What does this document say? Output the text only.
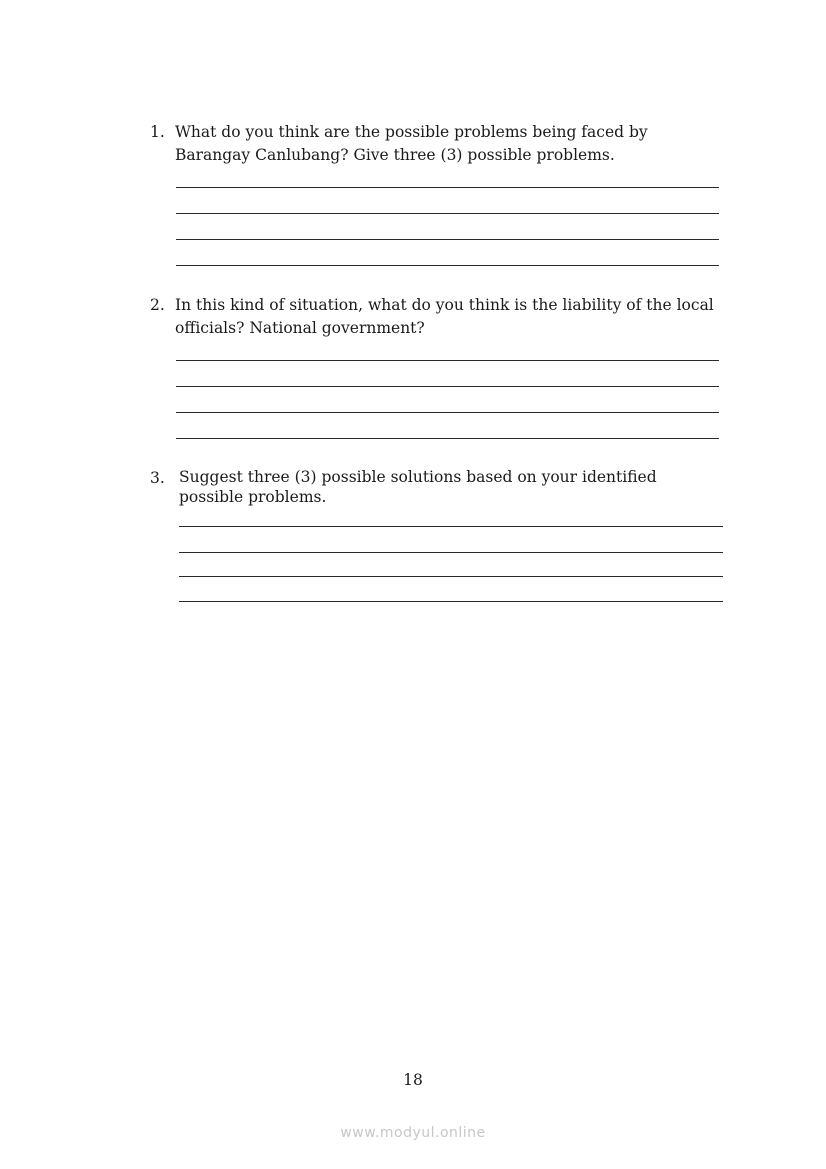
1. What do you think are the possible problems being faced by
Barangay Canlubang? Give three (3) possible problems.
2. In this kind of situation, what do you think is the liability of the local
officials? National government?
3. Suggest three (3) possible solutions based on your identified
possible problems.
18
www.modyul.online
